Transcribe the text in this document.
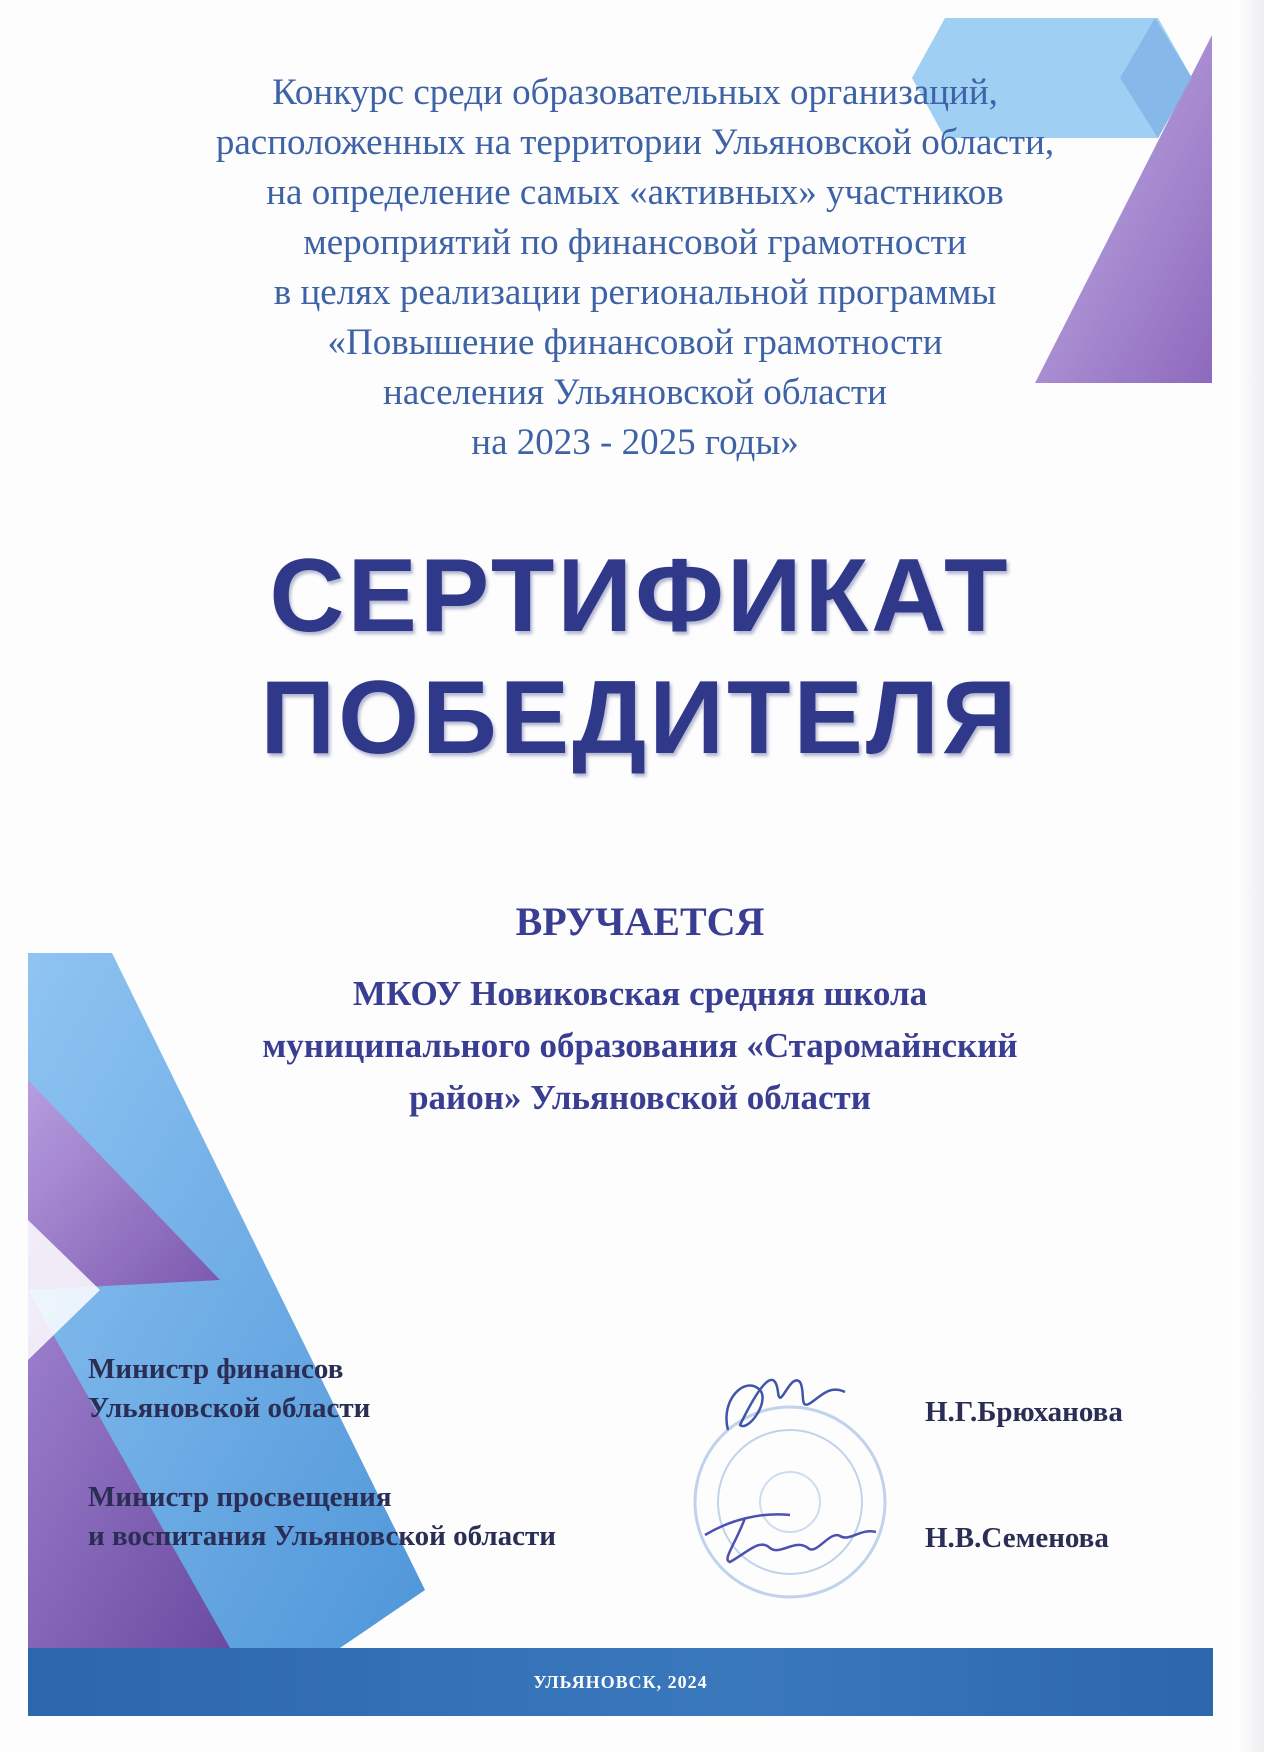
Конкурс среди образовательных организаций,
расположенных на территории Ульяновской области,
на определение самых «активных» участников
мероприятий по финансовой грамотности
в целях реализации региональной программы
«Повышение финансовой грамотности
населения Ульяновской области
на 2023 - 2025 годы»
СЕРТИФИКАТ
ПОБЕДИТЕЛЯ
ВРУЧАЕТСЯ
МКОУ Новиковская средняя школа
муниципального образования «Старомайнский
район» Ульяновской области
Министр финансов
Ульяновской области	Н.Г.Брюханова
Министр просвещения
и воспитания Ульяновской области	Н.В.Семенова
УЛЬЯНОВСК, 2024
